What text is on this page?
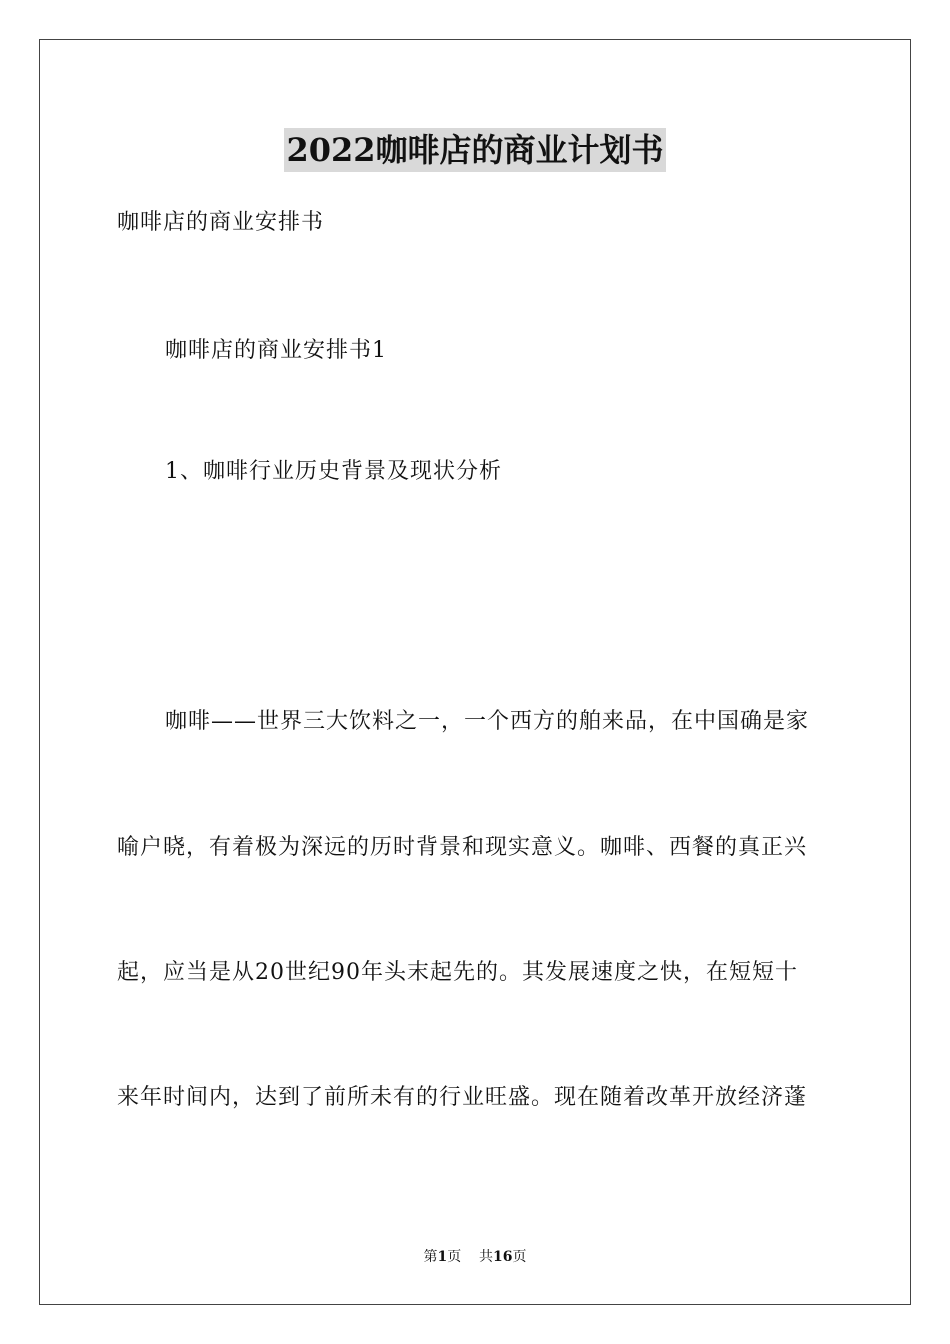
2022咖啡店的商业计划书
咖啡店的商业安排书
咖啡店的商业安排书1
1、咖啡行业历史背景及现状分析
咖啡——世界三大饮料之一，一个西方的舶来品，在中国确是家
喻户晓，有着极为深远的历时背景和现实意义。咖啡、西餐的真正兴
起，应当是从20世纪90年头末起先的。其发展速度之快，在短短十
来年时间内，达到了前所未有的行业旺盛。现在随着改革开放经济蓬
第1页 共16页
